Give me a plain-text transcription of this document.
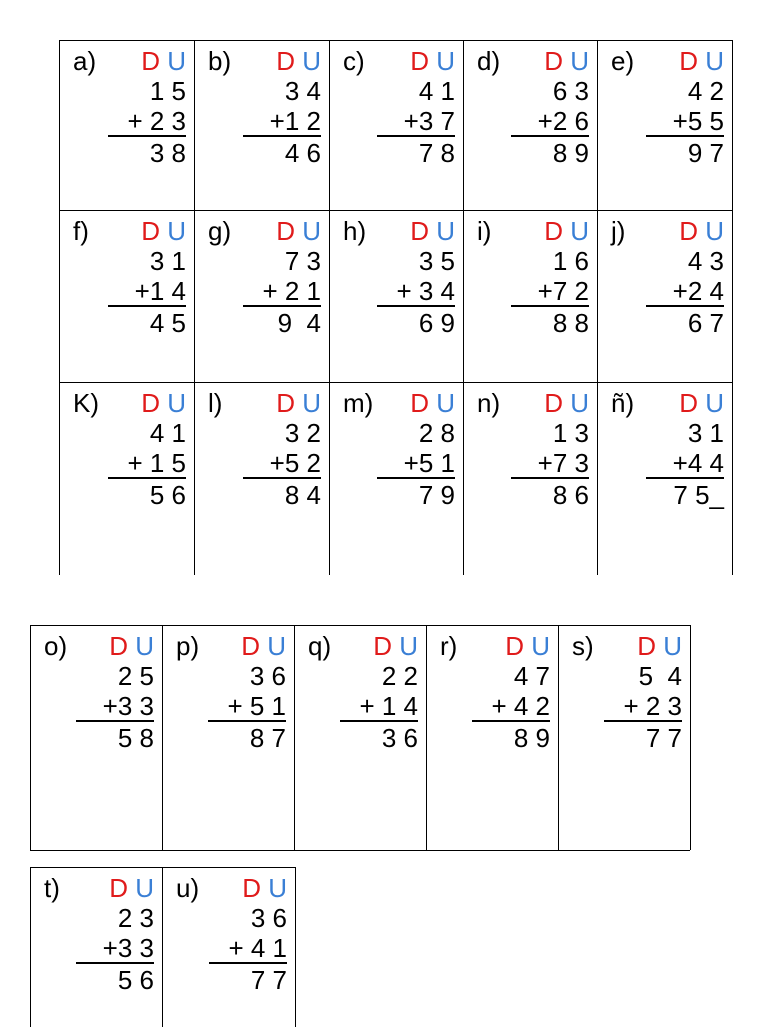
a) D U
1 5
+ 2 3
3 8
b) D U
3 4
+1 2
4 6
c) D U
4 1
+3 7
7 8
d) D U
6 3
+2 6
8 9
e) D U
4 2
+5 5
9 7
f) D U
3 1
+1 4
4 5
g) D U
7 3
+ 2 1
9  4
h) D U
3 5
+ 3 4
6 9
i) D U
1 6
+7 2
8 8
j) D U
4 3
+2 4
6 7
K) D U
4 1
+ 1 5
5 6
l) D U
3 2
+5 2
8 4
m) D U
2 8
+5 1
7 9
n) D U
1 3
+7 3
8 6
ñ) D U
3 1
+4 4
7 5_
o) D U
2 5
+3 3
5 8
p) D U
3 6
+ 5 1
8 7
q) D U
2 2
+ 1 4
3 6
r) D U
4 7
+ 4 2
8 9
s) D U
5  4
+ 2 3
7 7
t) D U
2 3
+3 3
5 6
u) D U
3 6
+ 4 1
7 7
